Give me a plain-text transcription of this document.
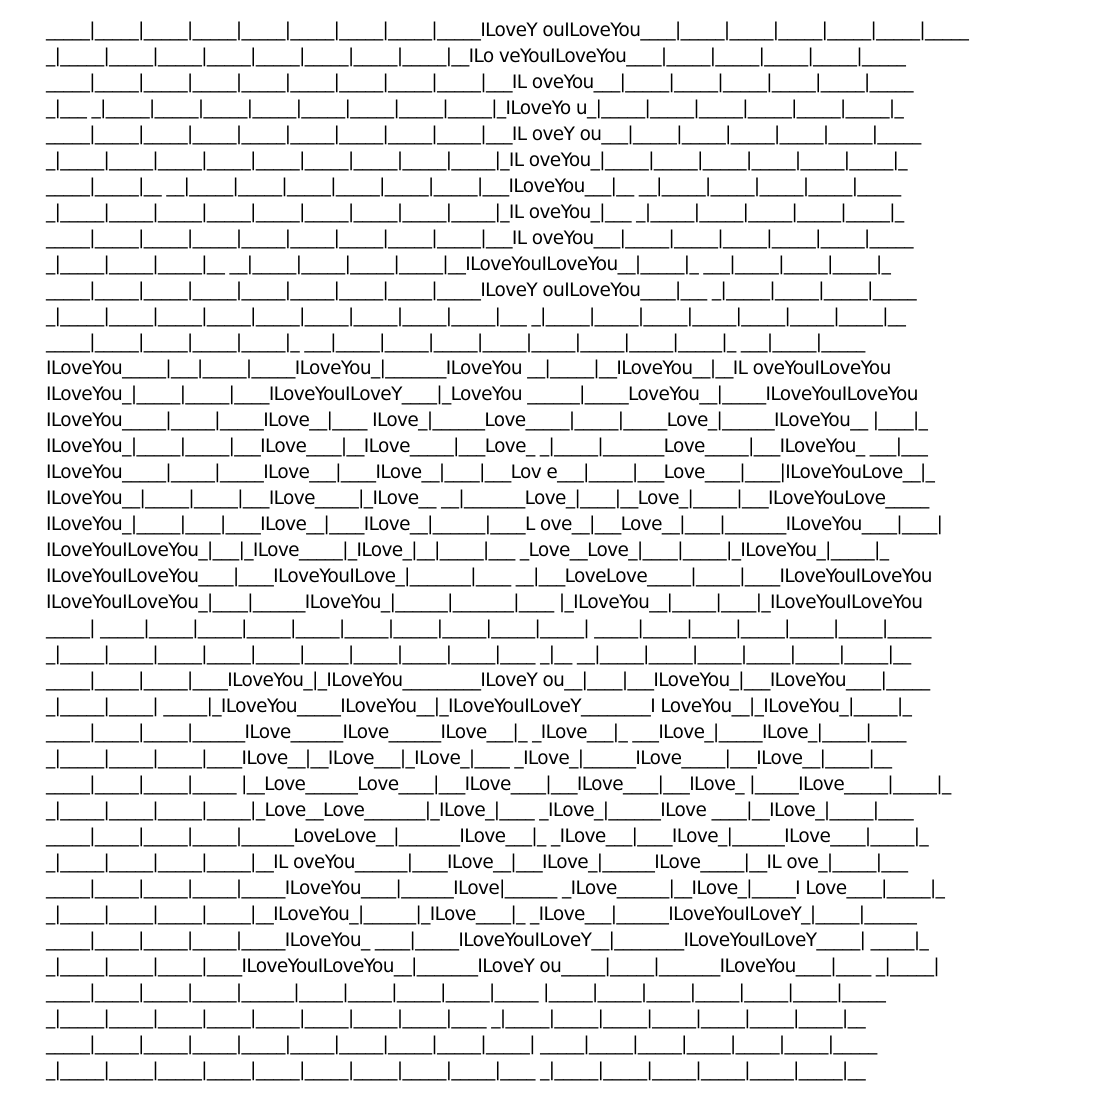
_____|_____|_____|_____|_____|_____|_____|_____|_____ILoveY ouILoveYou____|_____|_____|_____|_____|_____|_____
_|_____|_____|_____|_____|_____|_____|_____|_____|__ILo veYouILoveYou____|_____|_____|_____|_____|_____
_____|_____|_____|_____|_____|_____|_____|_____|_____|___IL oveYou___|_____|_____|_____|_____|_____|_____
_|___ _|_____|_____|_____|_____|_____|_____|_____|_____|_ILoveYo u_|_____|_____|_____|_____|_____|_____|_
_____|_____|_____|_____|_____|_____|_____|_____|_____|___IL oveY ou___|_____|_____|_____|_____|_____|_____
_|_____|_____|_____|_____|_____|_____|_____|_____|_____|_IL oveYou_|_____|_____|_____|_____|_____|_____|_
_____|_____|__ __|_____|_____|_____|_____|_____|_____|___ILoveYou___|__ __|_____|_____|_____|_____|_____
_|_____|_____|_____|_____|_____|_____|_____|_____|_____|_IL oveYou_|___ _|_____|_____|_____|_____|_____|_
_____|_____|_____|_____|_____|_____|_____|_____|_____|___IL oveYou___|_____|_____|_____|_____|_____|_____
_|_____|_____|_____|__ __|_____|_____|_____|_____|__ILoveYouILoveYou__|_____|_ ___|_____|_____|_____|_
_____|_____|_____|_____|_____|_____|_____|_____|_____ILoveY ouILoveYou____|___ _|_____|_____|_____|_____
_|_____|_____|_____|_____|_____|_____|_____|_____|_____|___ _|_____|_____|_____|_____|_____|_____|_____|__
_____|_____|_____|_____|_____|_ ___|_____|_____|_____|_____|_____|_____|_____|_____|_ ___|_____|_____
ILoveYou_____|___|_____|_____ILoveYou_|_______ILoveYou __|_____|__ILoveYou__|__IL oveYouILoveYou
ILoveYou_|_____|_____|____ILoveYouILoveY____|_LoveYou ______|_____LoveYou__|_____ILoveYouILoveYou
ILoveYou_____|_____|_____ILove__|____ ILove_|______Love_____|_____|_____Love_|______ILoveYou__ |____|_
ILoveYou_|_____|_____|___ILove____|__ILove_____|___Love_ _|_____|_______Love_____|___ILoveYou_ ___|___
ILoveYou_____|_____|_____ILove___|____ILove__|____|___Lov e___|_____|___Love____|____|ILoveYouLove__|_
ILoveYou__|_____|_____|___ILove_____|_ILove__ __|_______Love_|____|__Love_|_____|___ILoveYouLove_____
ILoveYou_|_____|____|____ILove__|____ILove__|______|____L ove__|___Love__|____|_______ILoveYou____|____|
ILoveYouILoveYou_|___|_ILove_____|_ILove_|__|_____|___ _Love__Love_|____|_____|_ILoveYou_|_____|_
ILoveYouILoveYou____|____ILoveYouILove_|_______|____ __|___LoveLove_____|_____|____ILoveYouILoveYou
ILoveYouILoveYou_|____|______ILoveYou_|______|_______|____ |_ILoveYou__|_____|____|_ILoveYouILoveYou
_____| _____|_____|_____|_____|_____|_____|_____|_____|_____|_____| _____|_____|_____|_____|_____|_____|_____
_|_____|_____|_____|_____|_____|_____|_____|_____|_____|____ _|__ __|_____|_____|_____|_____|_____|_____|__
_____|_____|_____|____ILoveYou_|_ILoveYou_________ILoveY ou__|____|___ILoveYou_|___ILoveYou____|_____
_|_____|_____| _____|_ILoveYou_____ILoveYou__|_ILoveYouILoveY________I LoveYou__|_ILoveYou_|_____|_
_____|_____|_____|______ILove______ILove______ILove___|_ _ILove___|_ ___ILove_|_____ILove_|_____|____
_|_____|_____|_____|____ILove__|__ILove___|_ILove_|____ _ILove_|______ILove_____|___ILove__|_____|__
_____|_____|_____|_____ |__Love______Love____|___ILove____|___ILove____|___ILove_ |_____ILove_____|_____|_
_|_____|_____|_____|_____|_Love__Love_______|_ILove_|____ _ILove_|______ILove ____|__ILove_|_____|____
_____|_____|_____|_____|______LoveLove__|_______ILove___|_ _ILove___|____ILove_|______ILove____|_____|_
_|_____|_____|_____|_____|__IL oveYou______|____ILove__|___ILove_|______ILove_____|__IL ove_|_____|___
_____|_____|_____|_____|_____ILoveYou____|______ILove|______ _ILove______|__ILove_|_____I Love____|_____|_
_|_____|_____|_____|_____|__ILoveYou_|______|_ILove____|_ _ILove___|______ILoveYouILoveY_|_____|______
_____|_____|_____|_____|_____ILoveYou_ ____|_____ILoveYouILoveY__|________ILoveYouILoveY_____| _____|_
_|_____|_____|_____|____ILoveYouILoveYou__|_______ILoveY ou_____|_____|_______ILoveYou____|____ _|_____|
_____|_____|_____|_____|______|_____|_____|_____|_____|_____ |_____|_____|_____|_____|_____|_____|_____
_|_____|_____|_____|_____|_____|_____|_____|_____|____ _|_____|_____|_____|_____|_____|_____|_____|__
_____|_____|_____|_____|_____|_____|_____|_____|_____|_____| _____|_____|_____|_____|_____|_____|_____
_|_____|_____|_____|_____|_____|_____|_____|_____|_____|____ _|_____|_____|_____|_____|_____|_____|__
